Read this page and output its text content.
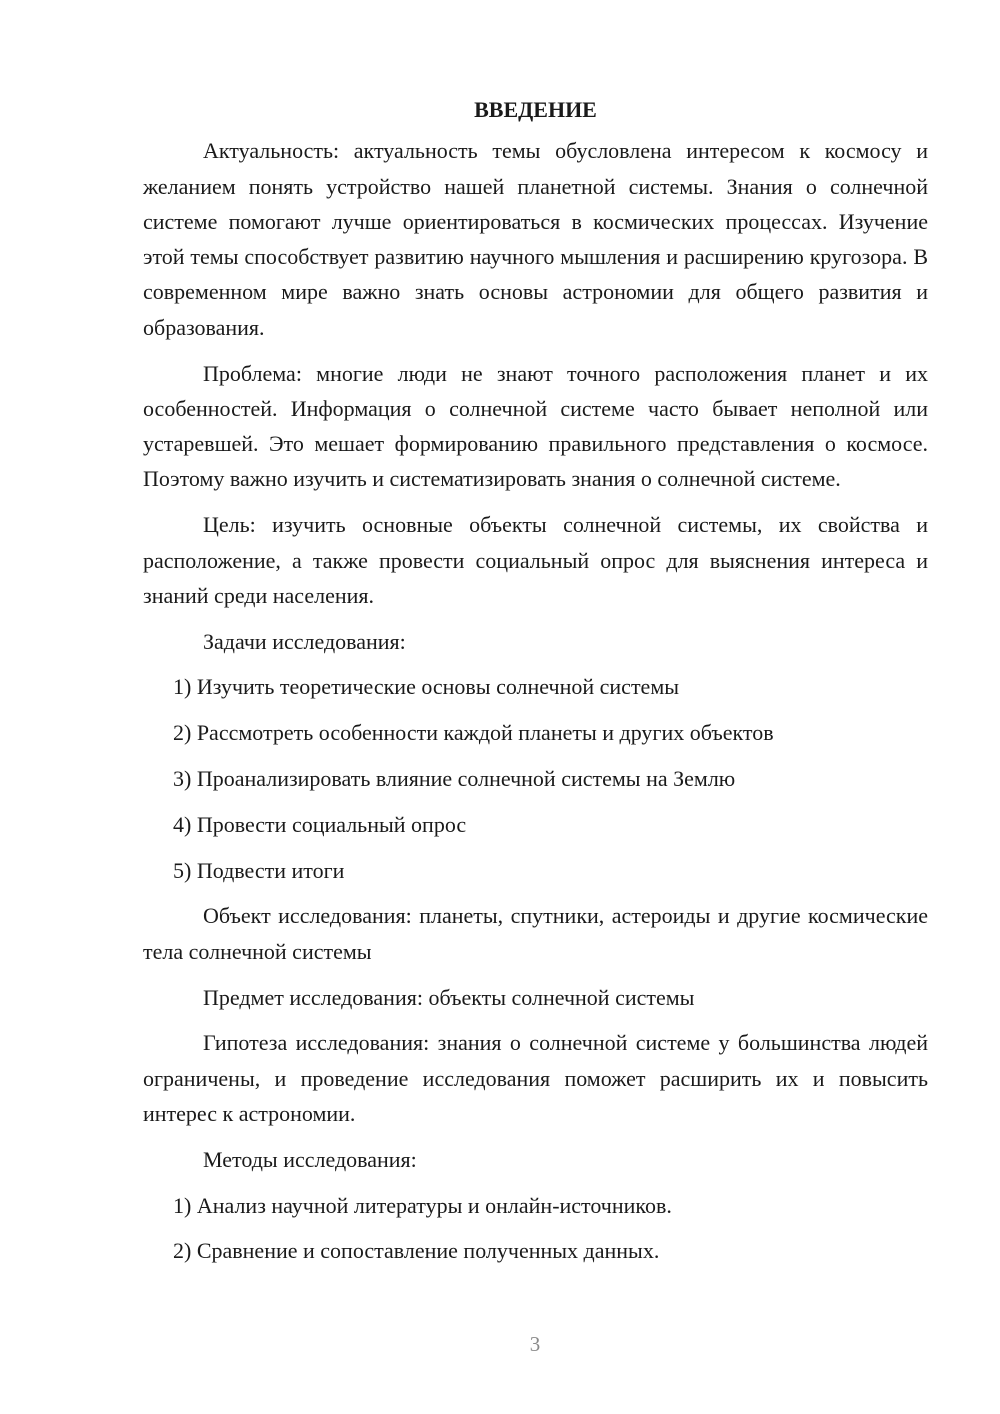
ВВЕДЕНИЕ

Актуальность: актуальность темы обусловлена интересом к космосу и желанием понять устройство нашей планетной системы. Знания о солнечной системе помогают лучше ориентироваться в космических процессах. Изучение этой темы способствует развитию научного мышления и расширению кругозора. В современном мире важно знать основы астрономии для общего развития и образования.

Проблема: многие люди не знают точного расположения планет и их особенностей. Информация о солнечной системе часто бывает неполной или устаревшей. Это мешает формированию правильного представления о космосе. Поэтому важно изучить и систематизировать знания о солнечной системе.

Цель: изучить основные объекты солнечной системы, их свойства и расположение, а также провести социальный опрос для выяснения интереса и знаний среди населения.

Задачи исследования:

1) Изучить теоретические основы солнечной системы
2) Рассмотреть особенности каждой планеты и других объектов
3) Проанализировать влияние солнечной системы на Землю
4) Провести социальный опрос
5) Подвести итоги

Объект исследования: планеты, спутники, астероиды и другие космические тела солнечной системы

Предмет исследования: объекты солнечной системы

Гипотеза исследования: знания о солнечной системе у большинства людей ограничены, и проведение исследования поможет расширить их и повысить интерес к астрономии.

Методы исследования:

1) Анализ научной литературы и онлайн-источников.
2) Сравнение и сопоставление полученных данных.
3
